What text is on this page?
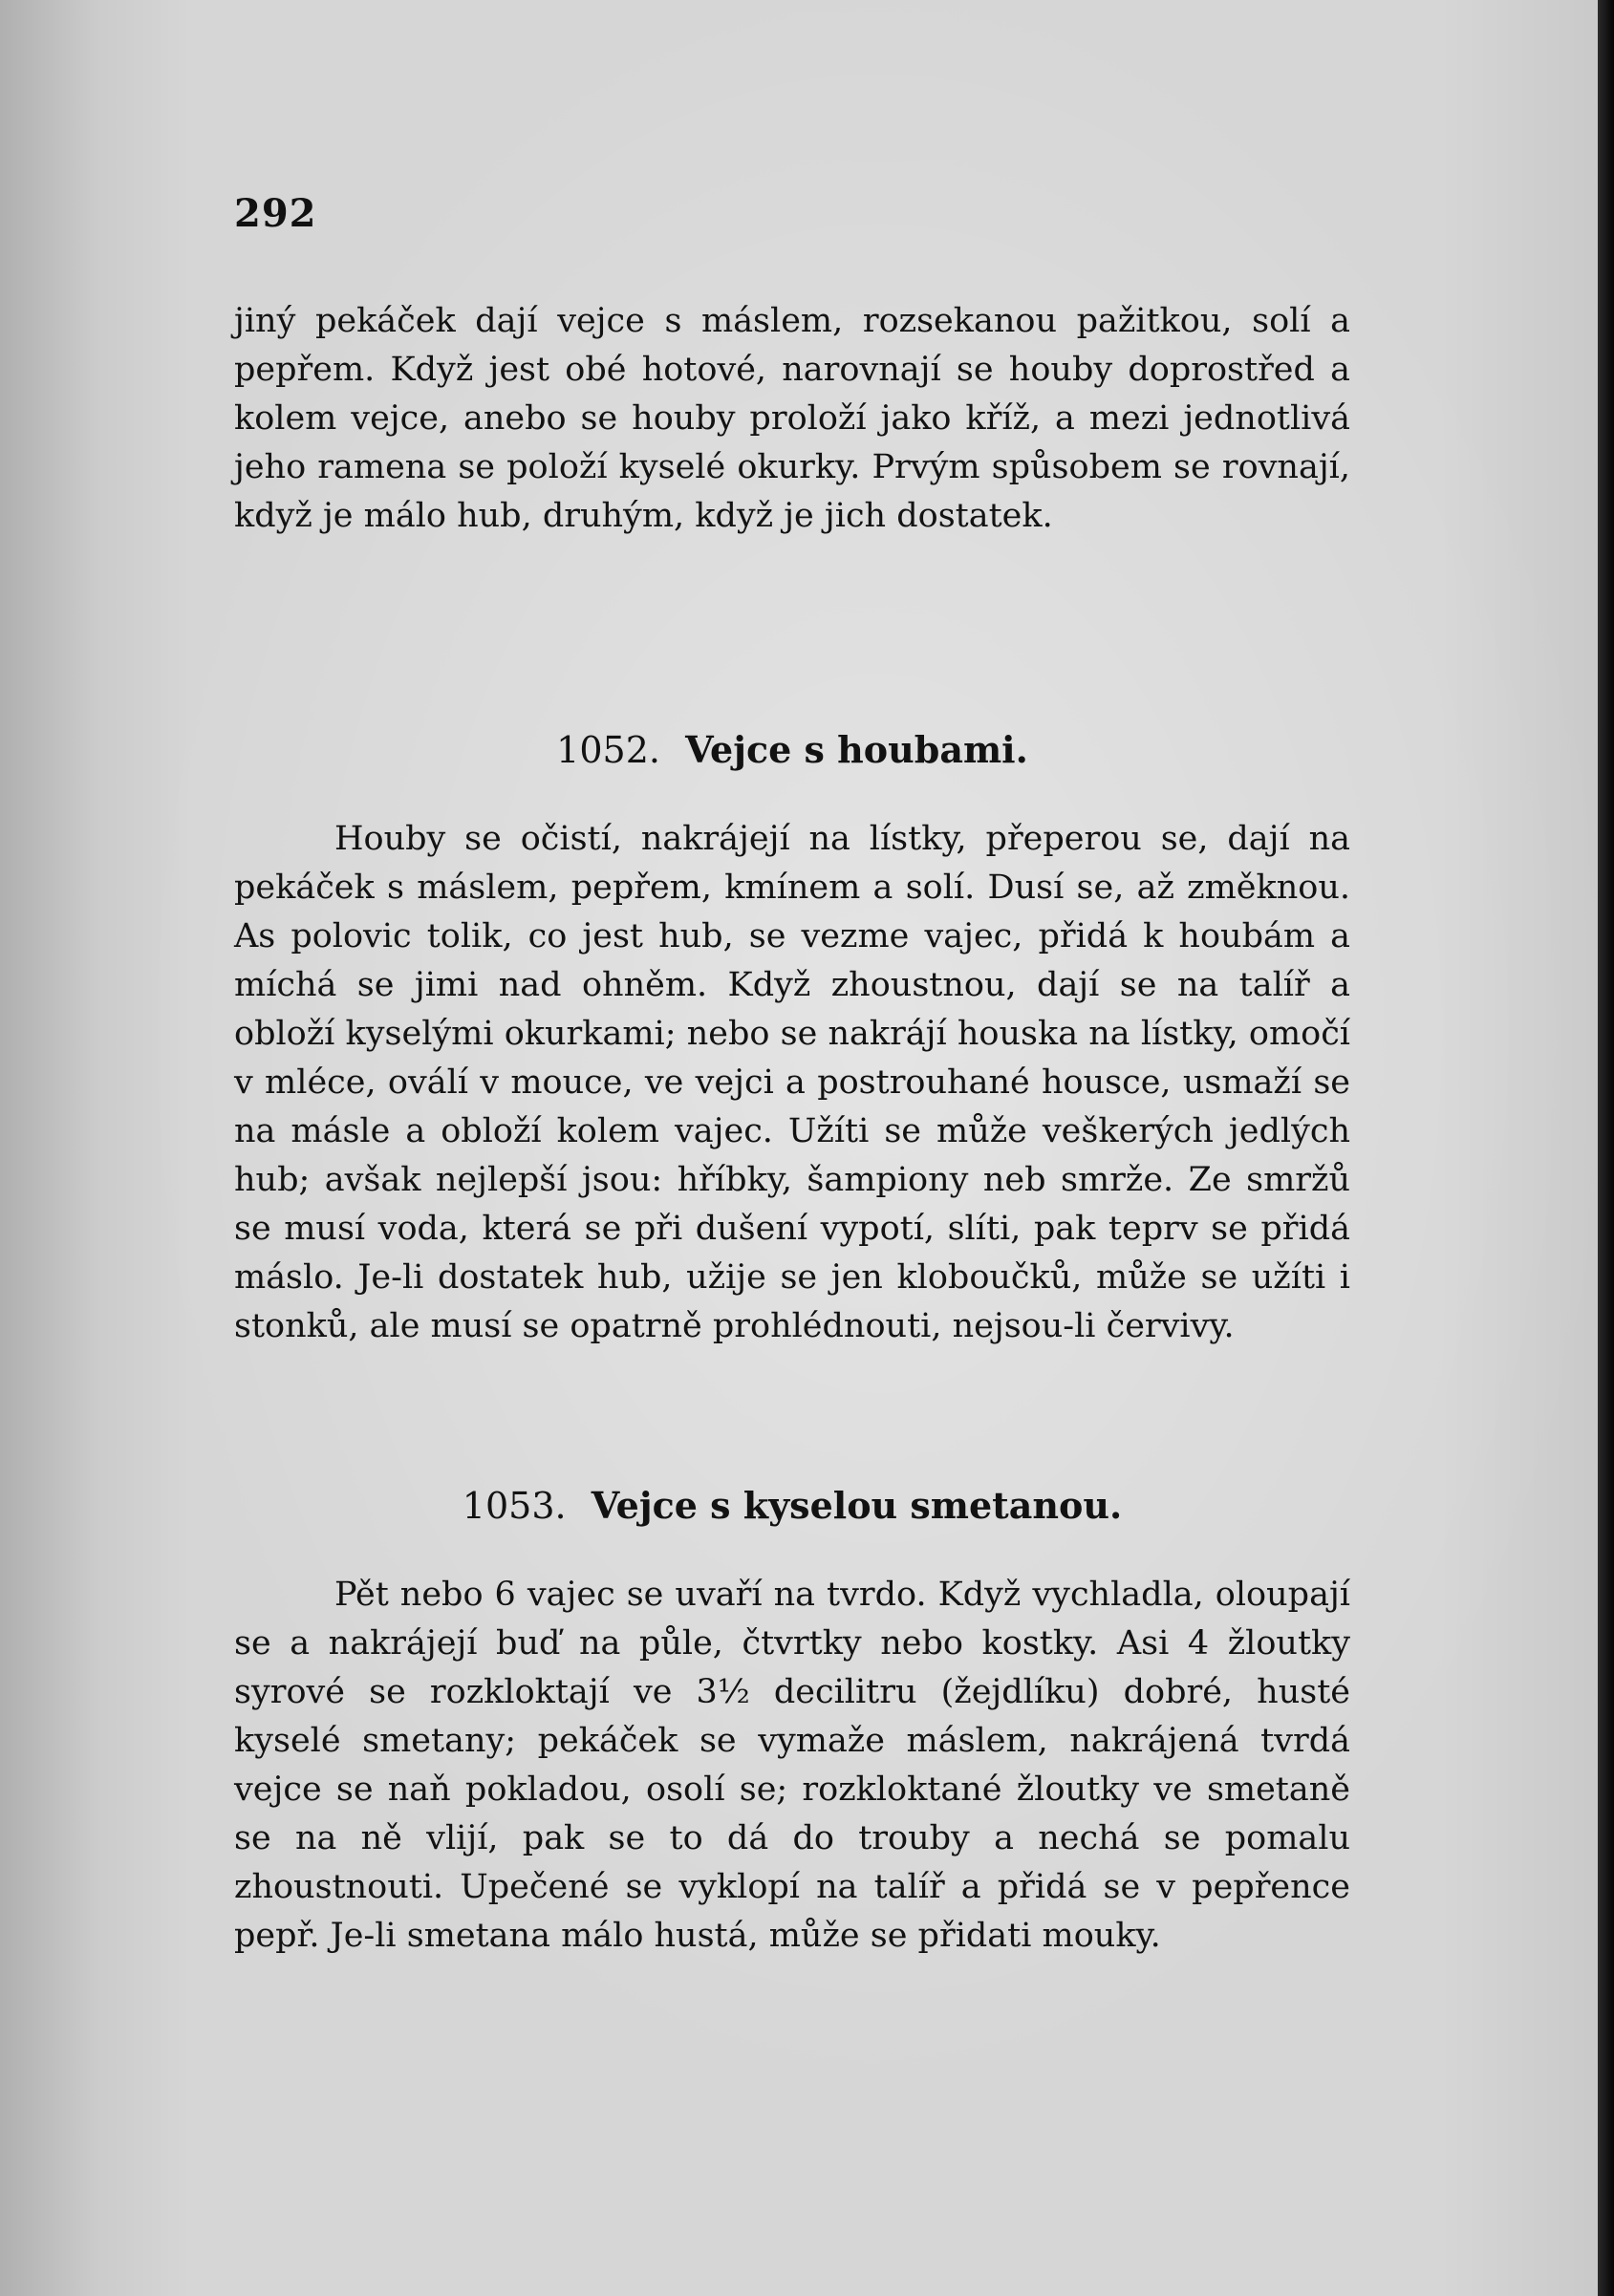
292

jiný pekáček dají vejce s máslem, rozsekanou pažitkou, solí a pepřem. Když jest obé hotové, narovnají se houby doprostřed a kolem vejce, anebo se houby proloží jako kříž, a mezi jednotlivá jeho ramena se položí kyselé okurky. Prvým spůsobem se rovnají, když je málo hub, druhým, když je jich dostatek.

1052. Vejce s houbami.

Houby se očistí, nakrájejí na lístky, přeperou se, dají na pekáček s máslem, pepřem, kmínem a solí. Dusí se, až změknou. As polovic tolik, co jest hub, se vezme vajec, přidá k houbám a míchá se jimi nad ohněm. Když zhoustnou, dají se na talíř a obloží kyselými okurkami; nebo se nakrájí houska na lístky, omočí v mléce, oválí v mouce, ve vejci a postrouhané housce, usmaží se na másle a obloží kolem vajec. Užíti se může veškerých jedlých hub; avšak nejlepší jsou: hříbky, šampiony neb smrže. Ze smržů se musí voda, která se při dušení vypotí, slíti, pak teprv se přidá máslo. Je-li dostatek hub, užije se jen kloboučků, může se užíti i stonků, ale musí se opatrně prohlédnouti, nejsou-li červivy.

1053. Vejce s kyselou smetanou.

Pět nebo 6 vajec se uvaří na tvrdo. Když vychladla, oloupají se a nakrájejí buď na půle, čtvrtky nebo kostky. Asi 4 žloutky syrové se rozkloktají ve 3½ decilitru (žejdlíku) dobré, husté kyselé smetany; pekáček se vymaže máslem, nakrájená tvrdá vejce se naň pokladou, osolí se; rozkloktané žloutky ve smetaně se na ně vlijí, pak se to dá do trouby a nechá se pomalu zhoustnouti. Upečené se vyklopí na talíř a přidá se v pepřence pepř. Je-li smetana málo hustá, může se přidati mouky.
